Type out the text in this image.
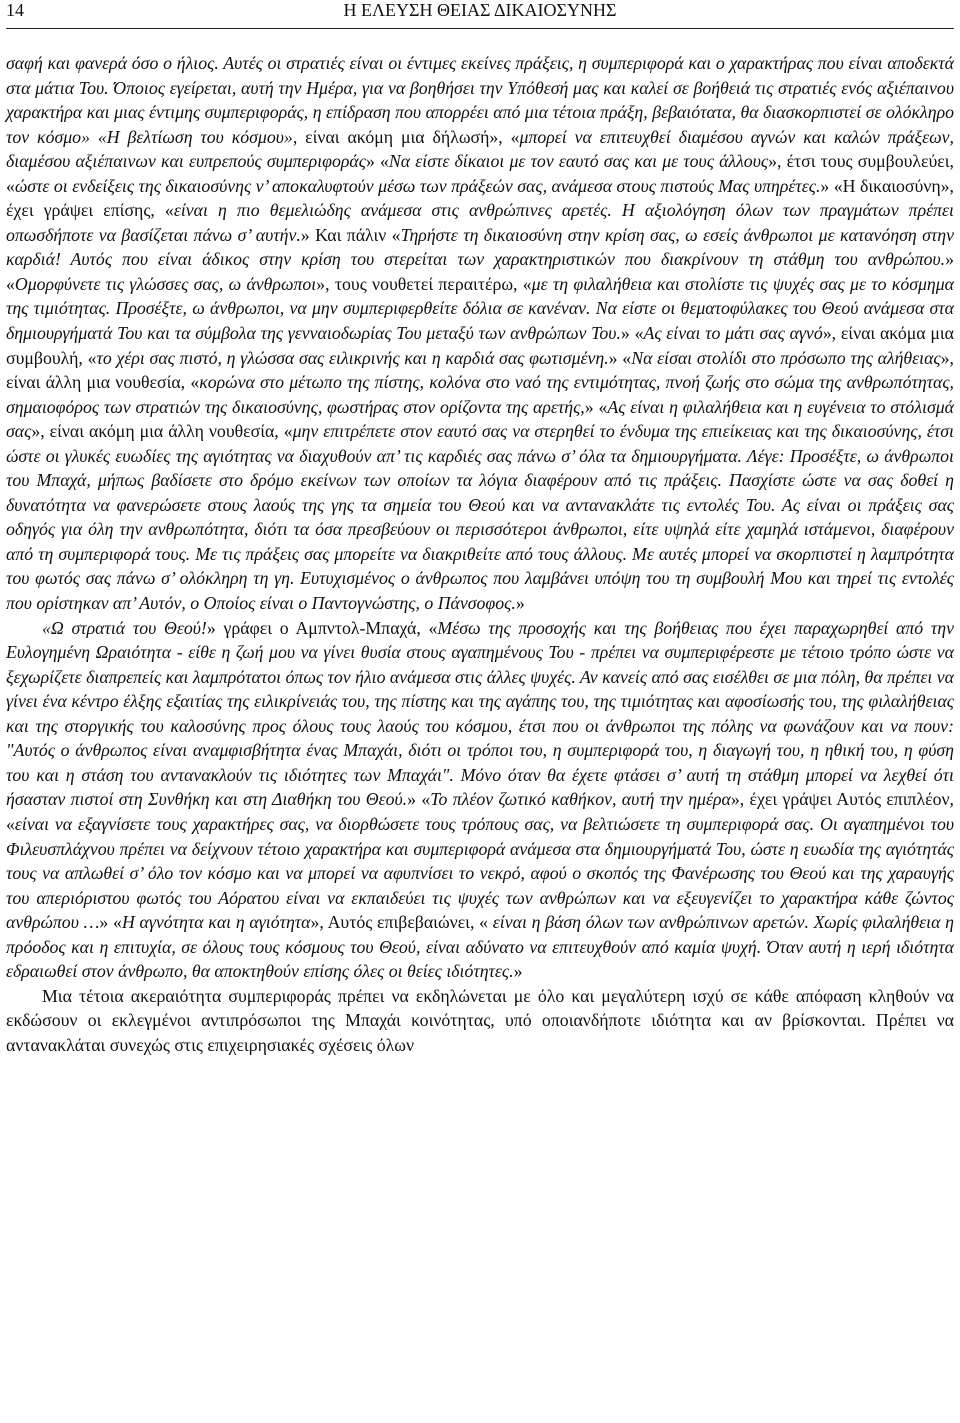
14	Η ΕΛΕΥΣΗ ΘΕΙΑΣ ΔΙΚΑΙΟΣΥΝΗΣ

σαφή και φανερά όσο ο ήλιος. Αυτές οι στρατιές είναι οι έντιμες εκείνες πράξεις, η συμπεριφορά και ο χαρακτήρας που είναι αποδεκτά στα μάτια Του. Όποιος εγείρεται, αυτή την Ημέρα, για να βοηθήσει την Υπόθεσή μας και καλεί σε βοήθειά τις στρατιές ενός αξιέπαινου χαρακτήρα και μιας έντιμης συμπεριφοράς, η επίδραση που απορρέει από μια τέτοια πράξη, βεβαιότατα, θα διασκορπιστεί σε ολόκληρο τον κόσμο» «Η βελτίωση του κόσμου», είναι ακόμη μια δήλωσή», «μπορεί να επιτευχθεί διαμέσου αγνών και καλών πράξεων, διαμέσου αξιέπαινων και ευπρεπούς συμπεριφοράς» «Να είστε δίκαιοι με τον εαυτό σας και με τους άλλους», έτσι τους συμβουλεύει, «ώστε οι ενδείξεις της δικαιοσύνης ν’ αποκαλυφτούν μέσω των πράξεών σας, ανάμεσα στους πιστούς Μας υπηρέτες.» «Η δικαιοσύνη», έχει γράψει επίσης, «είναι η πιο θεμελιώδης ανάμεσα στις ανθρώπινες αρετές. Η αξιολόγηση όλων των πραγμάτων πρέπει οπωσδήποτε να βασίζεται πάνω σ’ αυτήν.» Και πάλιν «Τηρήστε τη δικαιοσύνη στην κρίση σας, ω εσείς άνθρωποι με κατανόηση στην καρδιά! Αυτός που είναι άδικος στην κρίση του στερείται των χαρακτηριστικών που διακρίνουν τη στάθμη του ανθρώπου.» «Ομορφύνετε τις γλώσσες σας, ω άνθρωποι», τους νουθετεί περαιτέρω, «με τη φιλαλήθεια και στολίστε τις ψυχές σας με το κόσμημα της τιμιότητας. Προσέξτε, ω άνθρωποι, να μην συμπεριφερθείτε δόλια σε κανέναν. Να είστε οι θεματοφύλακες του Θεού ανάμεσα στα δημιουργήματά Του και τα σύμβολα της γενναιοδωρίας Του μεταξύ των ανθρώπων Του.» «Ας είναι το μάτι σας αγνό», είναι ακόμα μια συμβουλή, «το χέρι σας πιστό, η γλώσσα σας ειλικρινής και η καρδιά σας φωτισμένη.» «Να είσαι στολίδι στο πρόσωπο της αλήθειας», είναι άλλη μια νουθεσία, «κορώνα στο μέτωπο της πίστης, κολόνα στο ναό της εντιμότητας, πνοή ζωής στο σώμα της ανθρωπότητας, σημαιοφόρος των στρατιών της δικαιοσύνης, φωστήρας στον ορίζοντα της αρετής,» «Ας είναι η φιλαλήθεια και η ευγένεια το στόλισμά σας», είναι ακόμη μια άλλη νουθεσία, «μην επιτρέπετε στον εαυτό σας να στερηθεί το ένδυμα της επιείκειας και της δικαιοσύνης, έτσι ώστε οι γλυκές ευωδίες της αγιότητας να διαχυθούν απ’ τις καρδιές σας πάνω σ’ όλα τα δημιουργήματα. Λέγε: Προσέξτε, ω άνθρωποι του Μπαχά, μήπως βαδίσετε στο δρόμο εκείνων των οποίων τα λόγια διαφέρουν από τις πράξεις. Πασχίστε ώστε να σας δοθεί η δυνατότητα να φανερώσετε στους λαούς της γης τα σημεία του Θεού και να αντανακλάτε τις εντολές Του. Ας είναι οι πράξεις σας οδηγός για όλη την ανθρωπότητα, διότι τα όσα πρεσβεύουν οι περισσότεροι άνθρωποι, είτε υψηλά είτε χαμηλά ιστάμενοι, διαφέρουν από τη συμπεριφορά τους. Με τις πράξεις σας μπορείτε να διακριθείτε από τους άλλους. Με αυτές μπορεί να σκορπιστεί η λαμπρότητα του φωτός σας πάνω σ’ ολόκληρη τη γη. Ευτυχισμένος ο άνθρωπος που λαμβάνει υπόψη του τη συμβουλή Μου και τηρεί τις εντολές που ορίστηκαν απ’ Αυτόν, ο Οποίος είναι ο Παντογνώστης, ο Πάνσοφος.»

«Ω στρατιά του Θεού!» γράφει ο Αμπντολ-Μπαχά, «Μέσω της προσοχής και της βοήθειας που έχει παραχωρηθεί από την Ευλογημένη Ωραιότητα - είθε η ζωή μου να γίνει θυσία στους αγαπημένους Του - πρέπει να συμπεριφέρεστε με τέτοιο τρόπο ώστε να ξεχωρίζετε διαπρεπείς και λαμπρότατοι όπως τον ήλιο ανάμεσα στις άλλες ψυχές. Αν κανείς από σας εισέλθει σε μια πόλη, θα πρέπει να γίνει ένα κέντρο έλξης εξαιτίας της ειλικρίνειάς του, της πίστης και της αγάπης του, της τιμιότητας και αφοσίωσής του, της φιλαλήθειας και της στοργικής του καλοσύνης προς όλους τους λαούς του κόσμου, έτσι που οι άνθρωποι της πόλης να φωνάζουν και να πουν: "Αυτός ο άνθρωπος είναι αναμφισβήτητα ένας Μπαχάι, διότι οι τρόποι του, η συμπεριφορά του, η διαγωγή του, η ηθική του, η φύση του και η στάση του αντανακλούν τις ιδιότητες των Μπαχάι". Μόνο όταν θα έχετε φτάσει σ’ αυτή τη στάθμη μπορεί να λεχθεί ότι ήσασταν πιστοί στη Συνθήκη και στη Διαθήκη του Θεού.» «Το πλέον ζωτικό καθήκον, αυτή την ημέρα», έχει γράψει Αυτός επιπλέον, «είναι να εξαγνίσετε τους χαρακτήρες σας, να διορθώσετε τους τρόπους σας, να βελτιώσετε τη συμπεριφορά σας. Οι αγαπημένοι του Φιλευσπλάχνου πρέπει να δείχνουν τέτοιο χαρακτήρα και συμπεριφορά ανάμεσα στα δημιουργήματά Του, ώστε η ευωδία της αγιότητάς τους να απλωθεί σ’ όλο τον κόσμο και να μπορεί να αφυπνίσει το νεκρό, αφού ο σκοπός της Φανέρωσης του Θεού και της χαραυγής του απεριόριστου φωτός του Αόρατου είναι να εκπαιδεύει τις ψυχές των ανθρώπων και να εξευγενίζει το χαρακτήρα κάθε ζώντος ανθρώπου …» «Η αγνότητα και η αγιότητα», Αυτός επιβεβαιώνει, « είναι η βάση όλων των ανθρώπινων αρετών. Χωρίς φιλαλήθεια η πρόοδος και η επιτυχία, σε όλους τους κόσμους του Θεού, είναι αδύνατο να επιτευχθούν από καμία ψυχή. Όταν αυτή η ιερή ιδιότητα εδραιωθεί στον άνθρωπο, θα αποκτηθούν επίσης όλες οι θείες ιδιότητες.»

Μια τέτοια ακεραιότητα συμπεριφοράς πρέπει να εκδηλώνεται με όλο και μεγαλύτερη ισχύ σε κάθε απόφαση κληθούν να εκδώσουν οι εκλεγμένοι αντιπρόσωποι της Μπαχάι κοινότητας, υπό οποιανδήποτε ιδιότητα και αν βρίσκονται. Πρέπει να αντανακλάται συνεχώς στις επιχειρησιακές σχέσεις όλων
